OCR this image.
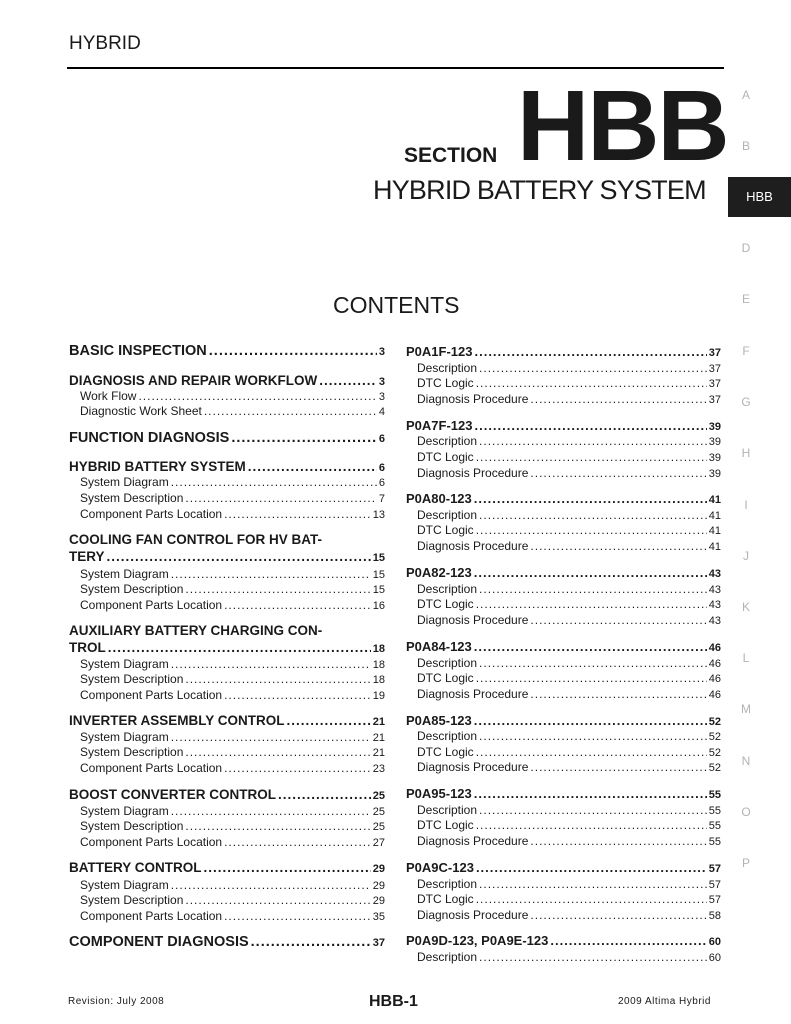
HYBRID
SECTION HBB
HYBRID BATTERY SYSTEM
CONTENTS
A
B
HBB
D
E
F
G
H
I
J
K
L
M
N
O
P
BASIC INSPECTION .....	3
DIAGNOSIS AND REPAIR WORKFLOW .....	3
Work Flow .....	3
Diagnostic Work Sheet .....	4
FUNCTION DIAGNOSIS .....	6
HYBRID BATTERY SYSTEM .....	6
System Diagram .....	6
System Description .....	7
Component Parts Location .....	13
COOLING FAN CONTROL FOR HV BAT-
TERY .....	15
System Diagram .....	15
System Description .....	15
Component Parts Location .....	16
AUXILIARY BATTERY CHARGING CON-
TROL .....	18
System Diagram .....	18
System Description .....	18
Component Parts Location .....	19
INVERTER ASSEMBLY CONTROL .....	21
System Diagram .....	21
System Description .....	21
Component Parts Location .....	23
BOOST CONVERTER CONTROL .....	25
System Diagram .....	25
System Description .....	25
Component Parts Location .....	27
BATTERY CONTROL .....	29
System Diagram .....	29
System Description .....	29
Component Parts Location .....	35
COMPONENT DIAGNOSIS .....	37
P0A1F-123 .....	37
Description .....	37
DTC Logic .....	37
Diagnosis Procedure .....	37
P0A7F-123 .....	39
Description .....	39
DTC Logic .....	39
Diagnosis Procedure .....	39
P0A80-123 .....	41
Description .....	41
DTC Logic .....	41
Diagnosis Procedure .....	41
P0A82-123 .....	43
Description .....	43
DTC Logic .....	43
Diagnosis Procedure .....	43
P0A84-123 .....	46
Description .....	46
DTC Logic .....	46
Diagnosis Procedure .....	46
P0A85-123 .....	52
Description .....	52
DTC Logic .....	52
Diagnosis Procedure .....	52
P0A95-123 .....	55
Description .....	55
DTC Logic .....	55
Diagnosis Procedure .....	55
P0A9C-123 .....	57
Description .....	57
DTC Logic .....	57
Diagnosis Procedure .....	58
P0A9D-123, P0A9E-123 .....	60
Description .....	60
Revision: July 2008	HBB-1	2009 Altima Hybrid
